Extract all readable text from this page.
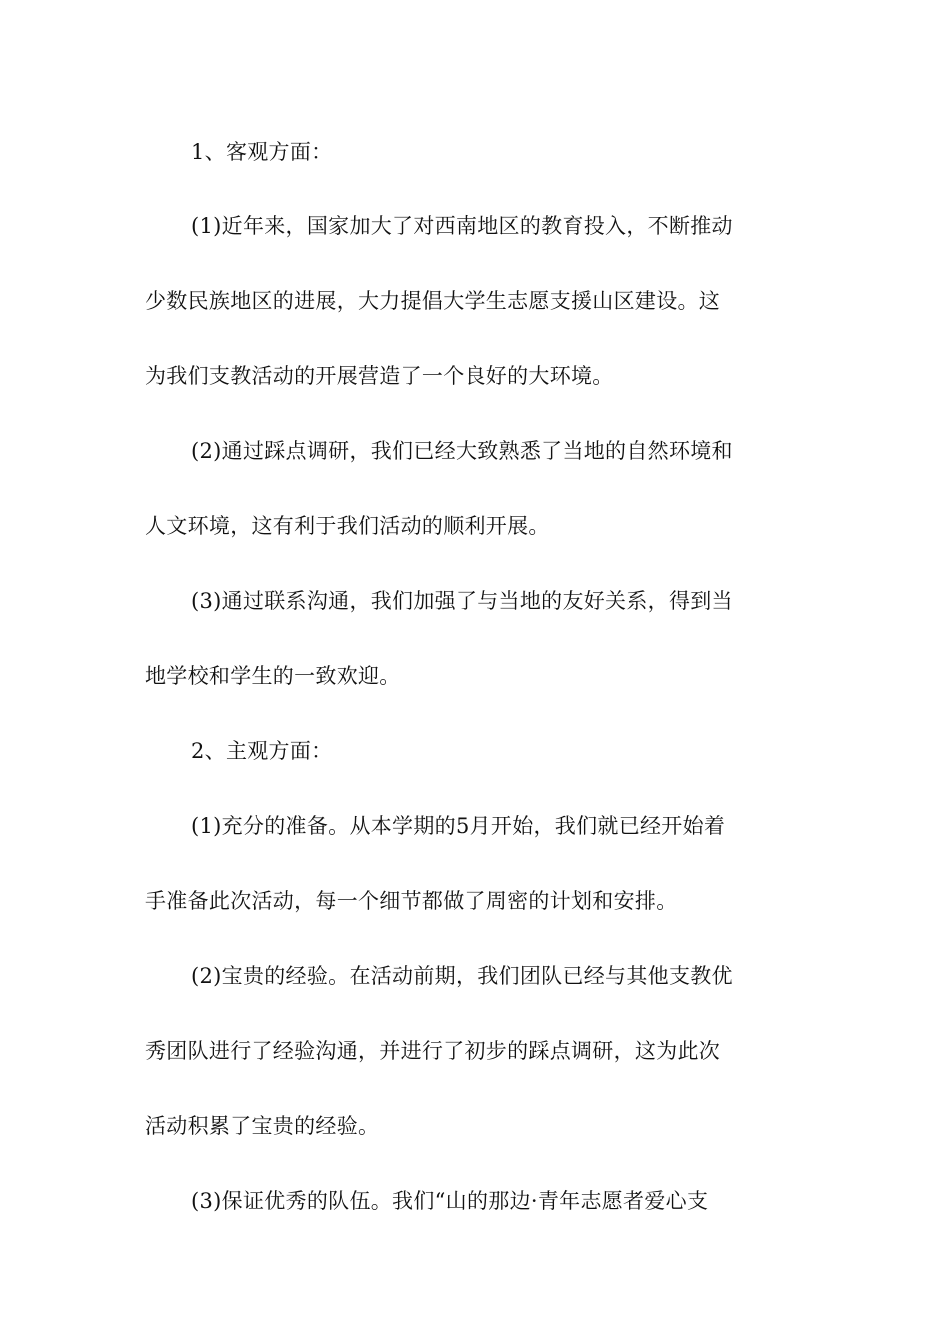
1、客观方面：
(1)近年来，国家加大了对西南地区的教育投入，不断推动
少数民族地区的进展，大力提倡大学生志愿支援山区建设。这
为我们支教活动的开展营造了一个良好的大环境。
(2)通过踩点调研，我们已经大致熟悉了当地的自然环境和
人文环境，这有利于我们活动的顺利开展。
(3)通过联系沟通，我们加强了与当地的友好关系，得到当
地学校和学生的一致欢迎。
2、主观方面：
(1)充分的准备。从本学期的5月开始，我们就已经开始着
手准备此次活动，每一个细节都做了周密的计划和安排。
(2)宝贵的经验。在活动前期，我们团队已经与其他支教优
秀团队进行了经验沟通，并进行了初步的踩点调研，这为此次
活动积累了宝贵的经验。
(3)保证优秀的队伍。我们“山的那边·青年志愿者爱心支
